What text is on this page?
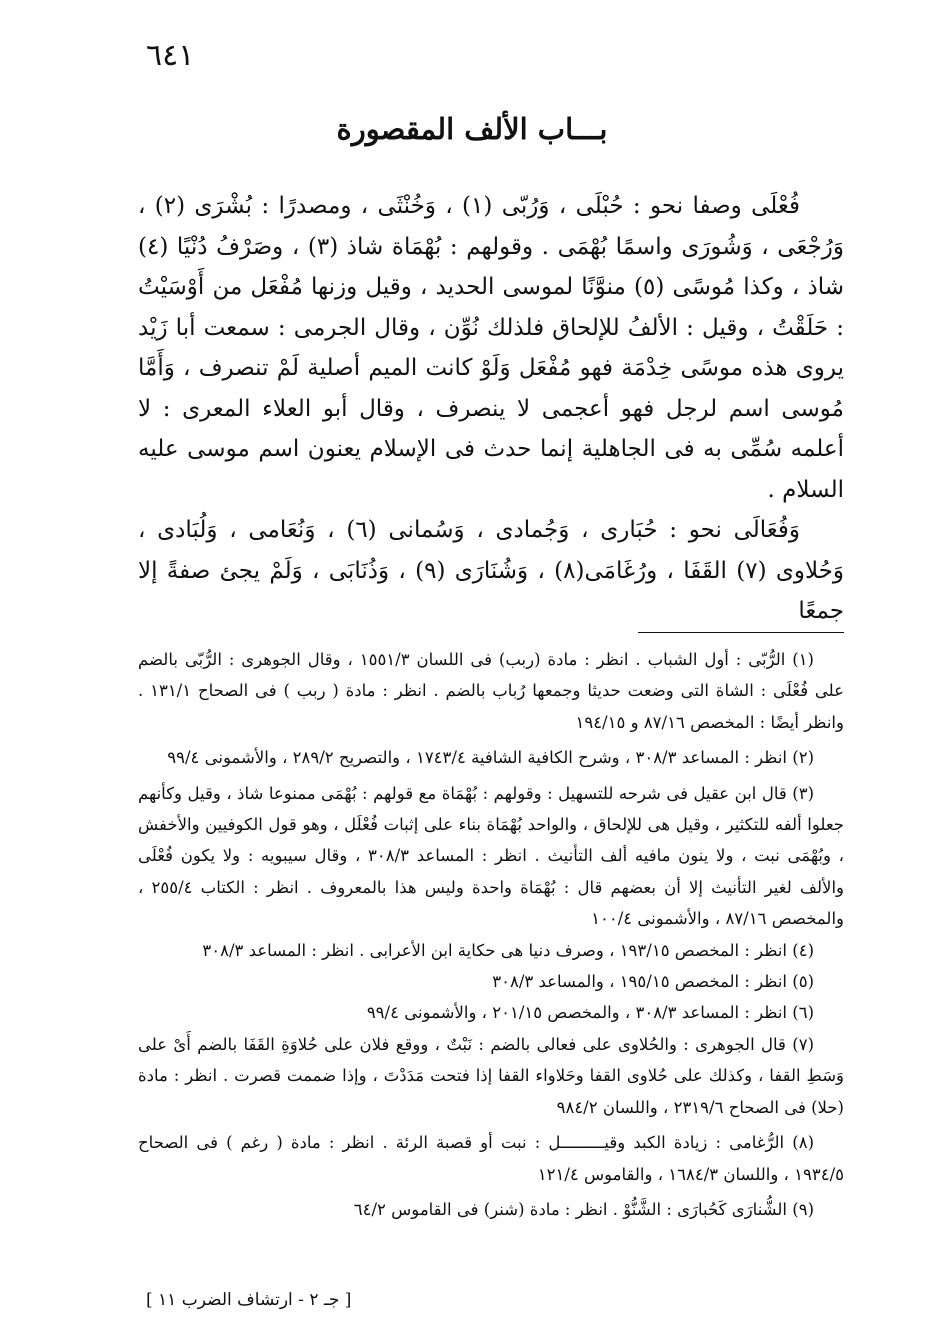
٦٤١
بـــاب الألف المقصورة

فُعْلَى وصفا نحو : حُبْلَى ، وَرُبّى (١) ، وَخُنْثَى ، ومصدرًا : بُشْرَى (٢) ، وَرُجْعَى ، وَشُورَى واسمًا بُهْمَى . وقولهم : بُهْمَاة شاذ (٣) ، وصَرْفُ دُنْيًا (٤) شاذ ، وكذا مُوسًى (٥) منوَّنًا لموسى الحديد ، وقيل وزنها مُفْعَل من أَوْسَيْتُ : حَلَقْتُ ، وقيل : الألفُ للإلحاق فلذلك نُوِّن ، وقال الجرمى : سمعت أبا زَيْد يروى هذه موسًى خِدْمَة فهو مُفْعَل وَلَوْ كانت الميم أصلية لَمْ تنصرف ، وَأَمَّا مُوسى اسم لرجل فهو أعجمى لا ينصرف ، وقال أبو العلاء المعرى : لا أعلمه سُمِّى به فى الجاهلية إنما حدث فى الإسلام يعنون اسم موسى عليه السلام .

وَفُعَالَى نحو : حُبَارى ، وَجُمادى ، وَسُمانى (٦) ، وَنُعَامى ، وَلُبَادى ، وَحُلاوى (٧) القَفَا ، ورُغَامَى(٨) ، وَشُنَارَى (٩) ، وَذُنَابَى ، وَلَمْ يجئ صفةً إلا جمعًا

(١) الرُّبّى : أول الشباب . انظر : مادة (ربب) فى اللسان ١٥٥١/٣ ، وقال الجوهرى : الرُّبّى بالضم على فُعْلَى : الشاة التى وضعت حديثا وجمعها رُباب بالضم . انظر : مادة ( ربب ) فى الصحاح ١٣١/١ . وانظر أيضًا : المخصص ٨٧/١٦ و ١٩٤/١٥

(٢) انظر : المساعد ٣٠٨/٣ ، وشرح الكافية الشافية ١٧٤٣/٤ ، والتصريح ٢٨٩/٢ ، والأشمونى ٩٩/٤

(٣) قال ابن عقيل فى شرحه للتسهيل : وقولهم : بُهْمَاة مع قولهم : بُهْمَى ممنوعا شاذ ، وقيل وكأنهم جعلوا ألفه للتكثير ، وقيل هى للإلحاق ، والواحد بُهْمَاة بناء على إثبات فُعْلَل ، وهو قول الكوفيين والأخفش ، وبُهْمَى نبت ، ولا ينون مافيه ألف التأنيث . انظر : المساعد ٣٠٨/٣ ، وقال سيبويه : ولا يكون فُعْلَى والألف لغير التأنيث إلا أن بعضهم قال : بُهْمَاة واحدة وليس هذا بالمعروف . انظر : الكتاب ٢٥٥/٤ ، والمخصص ٨٧/١٦ ، والأشمونى ١٠٠/٤

(٤) انظر : المخصص ١٩٣/١٥ ، وصرف دنيا هى حكاية ابن الأعرابى . انظر : المساعد ٣٠٨/٣

(٥) انظر : المخصص ١٩٥/١٥ ، والمساعد ٣٠٨/٣

(٦) انظر : المساعد ٣٠٨/٣ ، والمخصص ٢٠١/١٥ ، والأشمونى ٩٩/٤

(٧) قال الجوهرى : والحُلاوى على فعالى بالضم : نَبْتٌ ، ووقع فلان على حُلاوَةِ القَفَا بالضم أَىْ على وَسَطِ القفا ، وكذلك على حُلاوى القفا وحَلاواء القفا إذا فتحت مَدَدْتَ ، وإذا ضممت قصرت . انظر : مادة (حلا) فى الصحاح ٢٣١٩/٦ ، واللسان ٩٨٤/٢

(٨) الرُّغامى : زيادة الكبد وقيـــــــــل : نبت أو قصبة الرئة . انظر : مادة ( رغم ) فى الصحاح ١٩٣٤/٥ ، واللسان ١٦٨٤/٣ ، والقاموس ١٢١/٤

(٩) الشُّنارَى كَحُبارَى : الشَّنُّوْ . انظر : مادة (شنر) فى القاموس ٦٤/٢

[ جـ ٢ - ارتشاف الضرب ١١ ]
